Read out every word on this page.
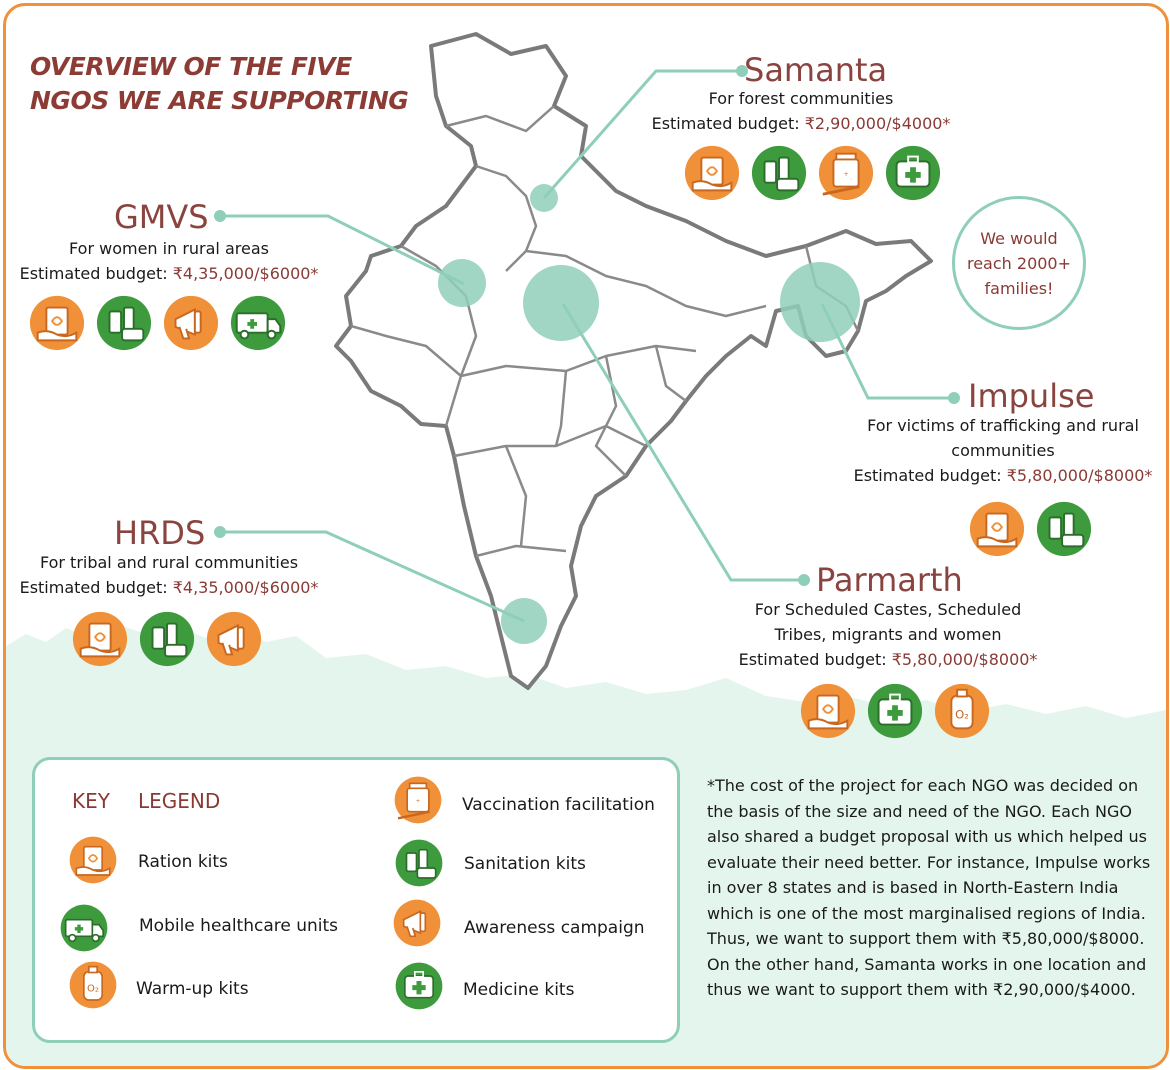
OVERVIEW OF THE FIVE
NGOS WE ARE SUPPORTING
Samanta
For forest communities
Estimated budget: ₹2,90,000/$4000*
+
GMVS
For women in rural areas
Estimated budget: ₹4,35,000/$6000*
Impulse
For victims of trafficking and rural
communities
Estimated budget: ₹5,80,000/$8000*
HRDS
For tribal and rural communities
Estimated budget: ₹4,35,000/$6000*	Parmarth
For Scheduled Castes, Scheduled
Tribes, migrants and women
Estimated budget: ₹5,80,000/$8000*
O₂
We would
reach 2000+
families!
KEY LEGEND
Ration kits
Mobile healthcare units
O₂ Warm-up kits
+ Vaccination facilitation
Sanitation kits
Awareness campaign
Medicine kits
*The cost of the project for each NGO was decided on the basis of the size and need of the NGO. Each NGO also shared a budget proposal with us which helped us evaluate their need better. For instance, Impulse works in over 8 states and is based in North-Eastern India which is one of the most marginalised regions of India. Thus, we want to support them with ₹5,80,000/$8000. On the other hand, Samanta works in one location and thus we want to support them with ₹2,90,000/$4000.
